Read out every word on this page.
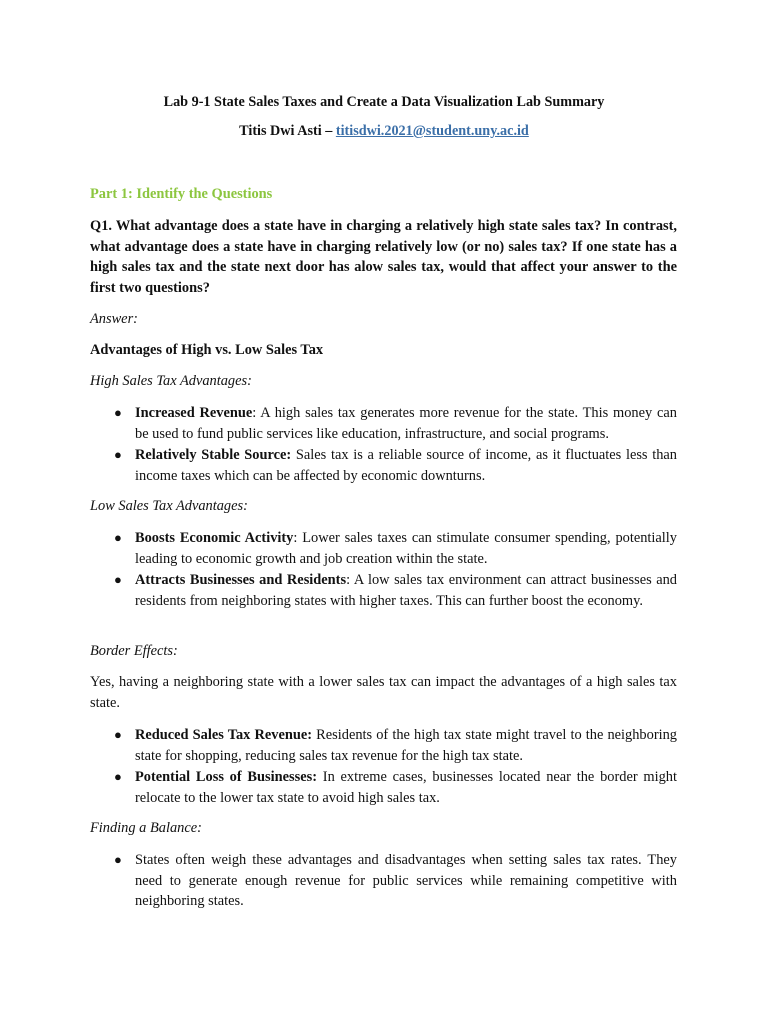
Lab 9-1 State Sales Taxes and Create a Data Visualization Lab Summary
Titis Dwi Asti – titisdwi.2021@student.uny.ac.id
Part 1: Identify the Questions
Q1. What advantage does a state have in charging a relatively high state sales tax? In contrast, what advantage does a state have in charging relatively low (or no) sales tax? If one state has a high sales tax and the state next door has alow sales tax, would that affect your answer to the first two questions?
Answer:
Advantages of High vs. Low Sales Tax
High Sales Tax Advantages:
● Increased Revenue: A high sales tax generates more revenue for the state. This money can be used to fund public services like education, infrastructure, and social programs.
● Relatively Stable Source: Sales tax is a reliable source of income, as it fluctuates less than income taxes which can be affected by economic downturns.
Low Sales Tax Advantages:
● Boosts Economic Activity: Lower sales taxes can stimulate consumer spending, potentially leading to economic growth and job creation within the state.
● Attracts Businesses and Residents: A low sales tax environment can attract businesses and residents from neighboring states with higher taxes. This can further boost the economy.
Border Effects:
Yes, having a neighboring state with a lower sales tax can impact the advantages of a high sales tax state.
● Reduced Sales Tax Revenue: Residents of the high tax state might travel to the neighboring state for shopping, reducing sales tax revenue for the high tax state.
● Potential Loss of Businesses: In extreme cases, businesses located near the border might relocate to the lower tax state to avoid high sales tax.
Finding a Balance:
● States often weigh these advantages and disadvantages when setting sales tax rates. They need to generate enough revenue for public services while remaining competitive with neighboring states.
